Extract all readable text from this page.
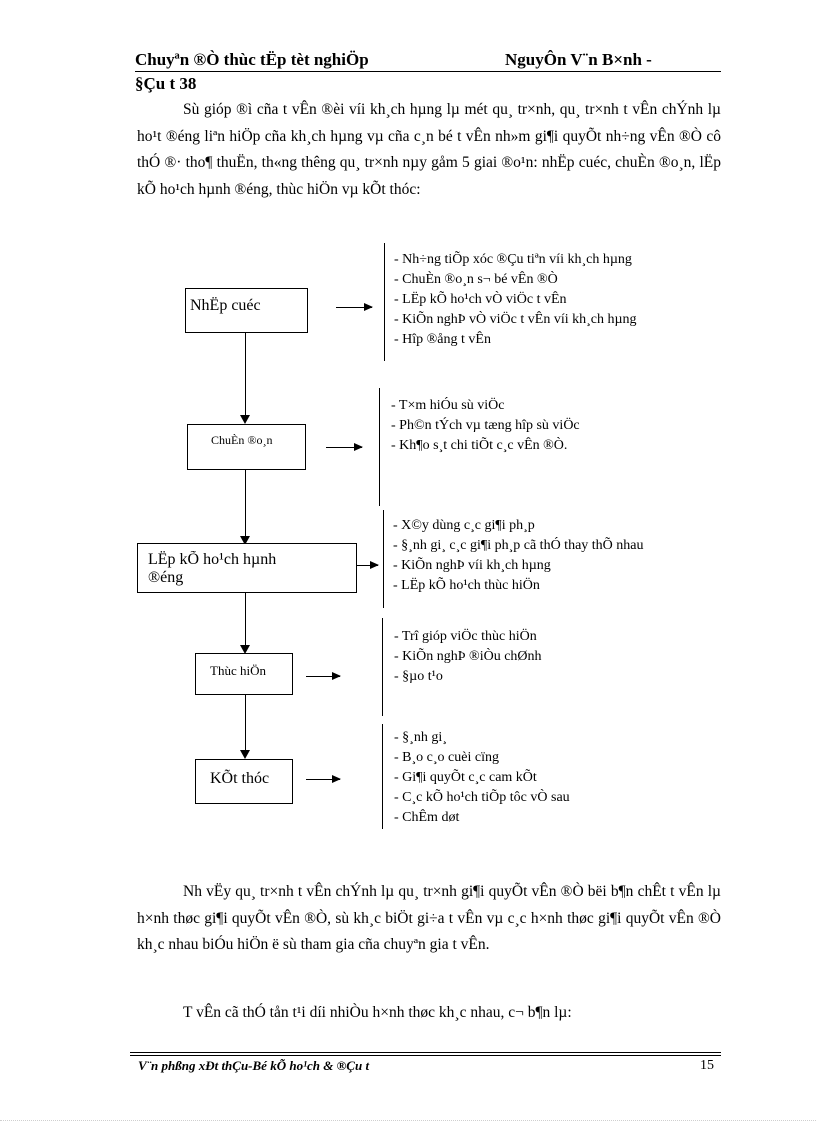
Chuyªn ®Ò thùc tËp tèt nghiÖp	NguyÔn V¨n B×nh -
§Çu t 38
Sù gióp ®ì cña t vÊn ®èi víi kh¸ch hµng lµ mét qu¸ tr×nh, qu¸ tr×nh t vÊn chÝnh lµ ho¹t ®éng liªn hiÖp cña kh¸ch hµng vµ cña c¸n bé t vÊn nh»m gi¶i quyÕt nh÷ng vÊn ®Ò cô thÓ ®· tho¶ thuËn, th«ng thêng qu¸ tr×nh nµy gåm 5 giai ®o¹n: nhËp cuéc, chuÈn ®o¸n, lËp kÕ ho¹ch hµnh ®éng, thùc hiÖn vµ kÕt thóc:
NhËp cuéc
- Nh÷ng tiÕp xóc ®Çu tiªn víi kh¸ch hµng
- ChuÈn ®o¸n s¬ bé vÊn ®Ò
- LËp kÕ ho¹ch vÒ viÖc t vÊn
- KiÕn nghÞ vÒ viÖc t vÊn víi kh¸ch hµng
- Hîp ®ång t vÊn
ChuÈn ®o¸n
- T×m hiÓu sù viÖc
- Ph©n tÝch vµ tæng hîp sù viÖc
- Kh¶o s¸t chi tiÕt c¸c vÊn ®Ò.
LËp kÕ ho¹ch hµnh ®éng
- X©y dùng c¸c gi¶i ph¸p
- §¸nh gi¸ c¸c gi¶i ph¸p cã thÓ thay thÕ nhau
- KiÕn nghÞ víi kh¸ch hµng
- LËp kÕ ho¹ch thùc hiÖn
Thùc hiÖn
- Trî gióp viÖc thùc hiÖn
- KiÕn nghÞ ®iÒu chØnh
- §µo t¹o
KÕt thóc
- §¸nh gi¸
- B¸o c¸o cuèi cïng
- Gi¶i quyÕt c¸c cam kÕt
- C¸c kÕ ho¹ch tiÕp tôc vÒ sau
- ChÊm døt
Nh vËy qu¸ tr×nh t vÊn chÝnh lµ qu¸ tr×nh gi¶i quyÕt vÊn ®Ò bëi b¶n chÊt t vÊn lµ h×nh thøc gi¶i quyÕt vÊn ®Ò, sù kh¸c biÖt gi÷a t vÊn vµ c¸c h×nh thøc gi¶i quyÕt vÊn ®Ò kh¸c nhau biÓu hiÖn ë sù tham gia cña chuyªn gia t vÊn.
T vÊn cã thÓ tån t¹i díi nhiÒu h×nh thøc kh¸c nhau, c¬ b¶n lµ:
V¨n phßng xÐt thÇu-Bé kÕ ho¹ch & ®Çu t	15
